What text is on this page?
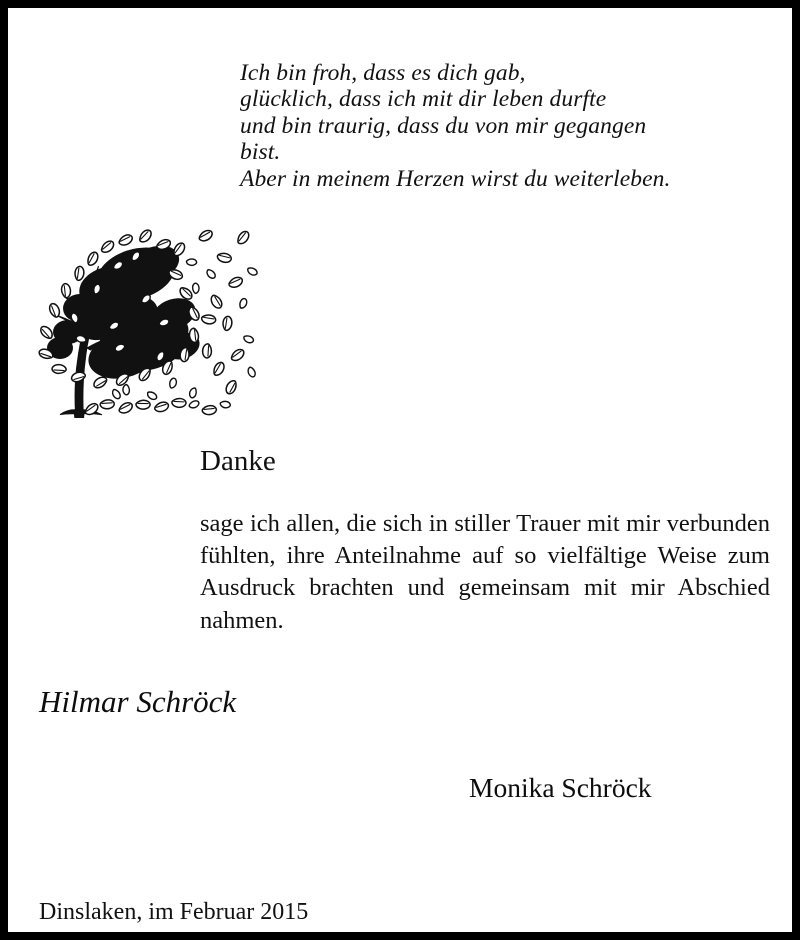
Ich bin froh, dass es dich gab,
glücklich, dass ich mit dir leben durfte
und bin traurig, dass du von mir gegangen
bist.
Aber in meinem Herzen wirst du weiterleben.
Danke

sage ich allen, die sich in stiller Trauer mit mir verbunden fühlten, ihre Anteilnahme auf so vielfältige Weise zum Ausdruck brachten und gemeinsam mit mir Abschied nahmen.

Hilmar Schröck
Monika Schröck
Dinslaken, im Februar 2015
